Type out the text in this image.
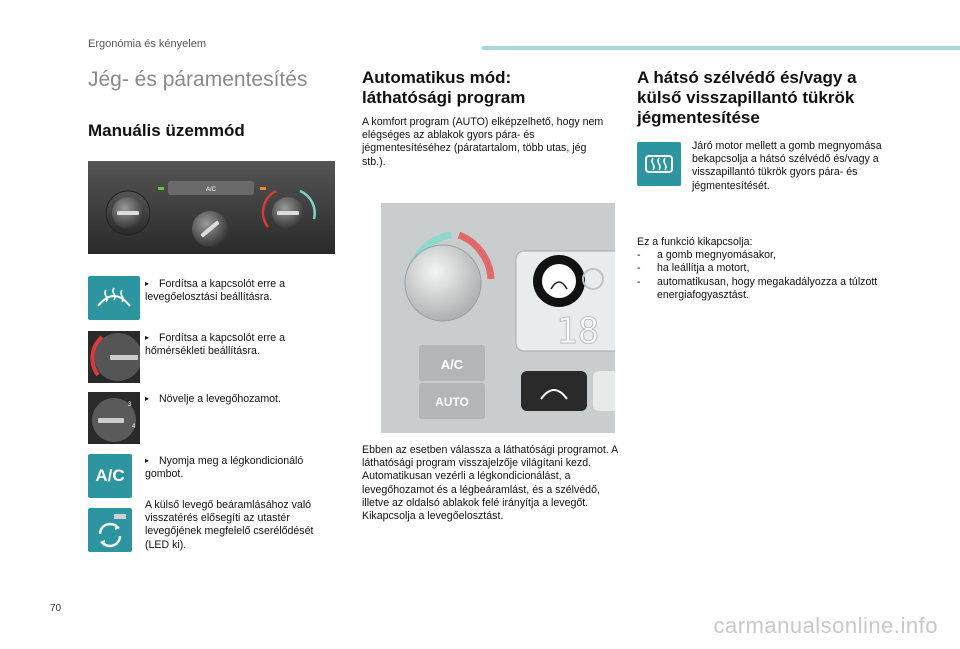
Ergonómia és kényelem
Jég- és páramentesítés
Manuális üzemmód
A/C
▸ Fordítsa a kapcsolót erre a levegőelosztási beállításra.
▸ Fordítsa a kapcsolót erre a hőmérsékleti beállításra.
3
4
▸ Növelje a levegőhozamot.
A/C
▸ Nyomja meg a légkondicionáló gombot.
A külső levegő beáramlásához való visszatérés elősegíti az utastér levegőjének megfelelő cserélődését (LED ki).
Automatikus mód:
láthatósági program
A komfort program (AUTO) elképzelhető, hogy nem elégséges az ablakok gyors pára- és jégmentesítéséhez (páratartalom, több utas, jég stb.).
18
A/C
AUTO
Ebben az esetben válassza a láthatósági programot. A láthatósági program visszajelzője világítani kezd.
Automatikusan vezérli a légkondicionálást, a levegőhozamot és a légbeáramlást, és a szélvédő, illetve az oldalsó ablakok felé irányítja a levegőt.
Kikapcsolja a levegőelosztást.
A hátsó szélvédő és/vagy a
külső visszapillantó tükrök
jégmentesítése
Járó motor mellett a gomb megnyomása bekapcsolja a hátsó szélvédő és/vagy a visszapillantó tükrök gyors pára- és jégmentesítését.
Ez a funkció kikapcsolja:
- a gomb megnyomásakor,
- ha leállítja a motort,
- automatikusan, hogy megakadályozza a túlzott energiafogyasztást.
70
carmanualsonline.info
